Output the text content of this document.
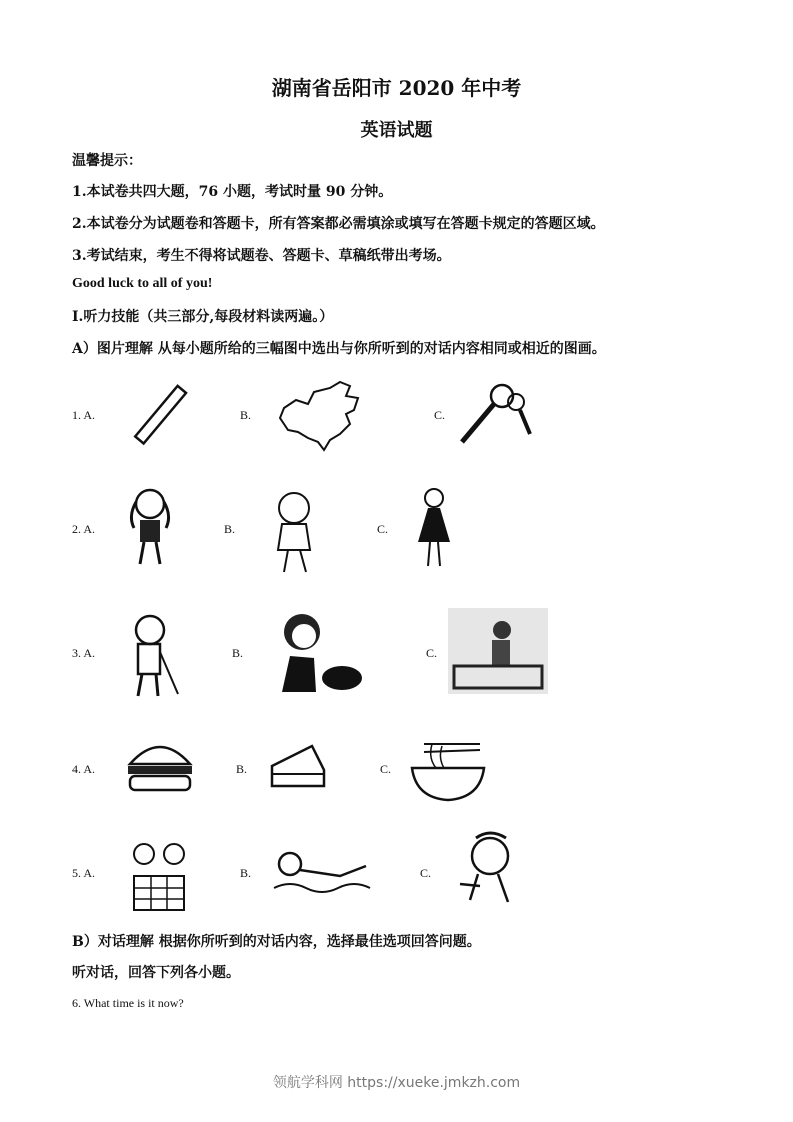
湖南省岳阳市 2020 年中考
英语试题
温馨提示：
1.本试卷共四大题，76 小题，考试时量 90 分钟。
2.本试卷分为试题卷和答题卡，所有答案都必需填涂或填写在答题卡规定的答题区域。
3.考试结束，考生不得将试题卷、答题卡、草稿纸带出考场。
Good luck to all of you!
I.听力技能（共三部分,每段材料读两遍。）
A）图片理解 从每小题所给的三幅图中选出与你所听到的对话内容相同或相近的图画。
1. A.	B.	C.
2. A.	B.	C.
3. A.	B.	C.
4. A.	B.	C.
5. A.	B.	C.
B）对话理解 根据你所听到的对话内容，选择最佳选项回答问题。
听对话，回答下列各小题。
6. What time is it now?
领航学科网 https://xueke.jmkzh.com
